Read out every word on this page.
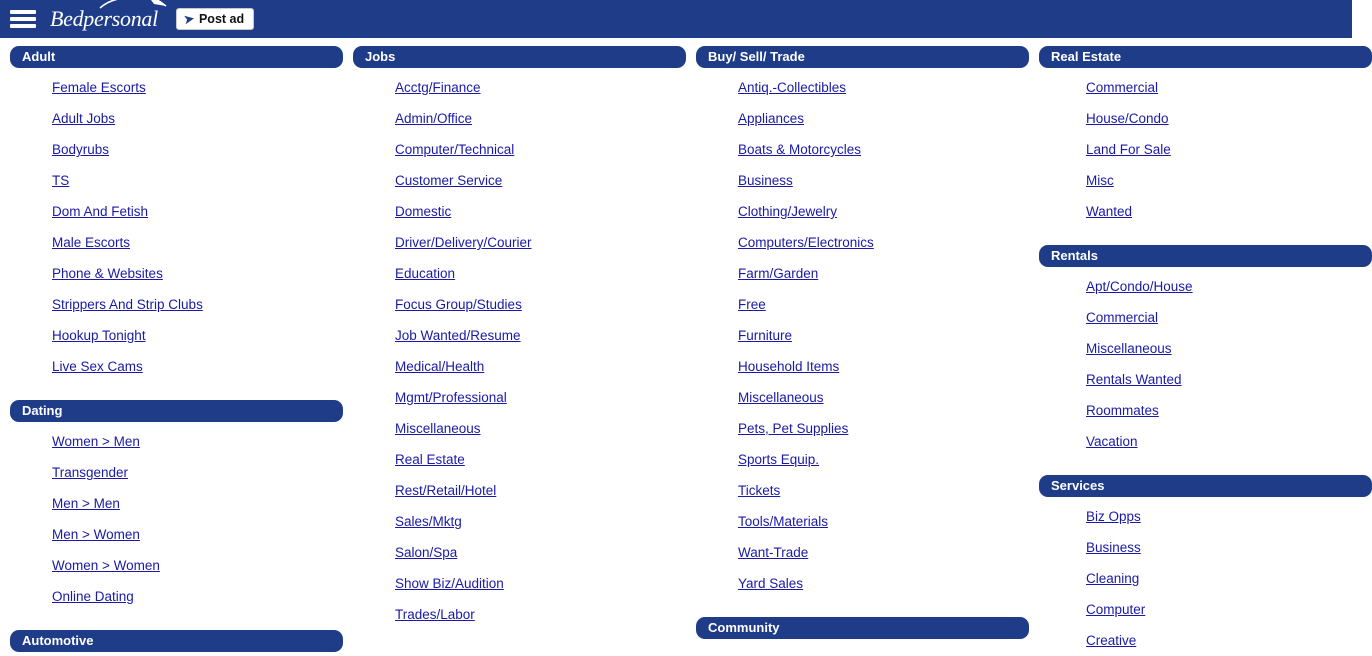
Bedpersonal ➤ Post ad
Adult
Female Escorts
Adult Jobs
Bodyrubs
TS
Dom And Fetish
Male Escorts
Phone & Websites
Strippers And Strip Clubs
Hookup Tonight
Live Sex Cams
Dating
Women > Men
Transgender
Men > Men
Men > Women
Women > Women
Online Dating
Automotive
Jobs
Acctg/Finance
Admin/Office
Computer/Technical
Customer Service
Domestic
Driver/Delivery/Courier
Education
Focus Group/Studies
Job Wanted/Resume
Medical/Health
Mgmt/Professional
Miscellaneous
Real Estate
Rest/Retail/Hotel
Sales/Mktg
Salon/Spa
Show Biz/Audition
Trades/Labor
Buy/ Sell/ Trade
Antiq.-Collectibles
Appliances
Boats & Motorcycles
Business
Clothing/Jewelry
Computers/Electronics
Farm/Garden
Free
Furniture
Household Items
Miscellaneous
Pets, Pet Supplies
Sports Equip.
Tickets
Tools/Materials
Want-Trade
Yard Sales
Community
Real Estate
Commercial
House/Condo
Land For Sale
Misc
Wanted
Rentals
Apt/Condo/House
Commercial
Miscellaneous
Rentals Wanted
Roommates
Vacation
Services
Biz Opps
Business
Cleaning
Computer
Creative
